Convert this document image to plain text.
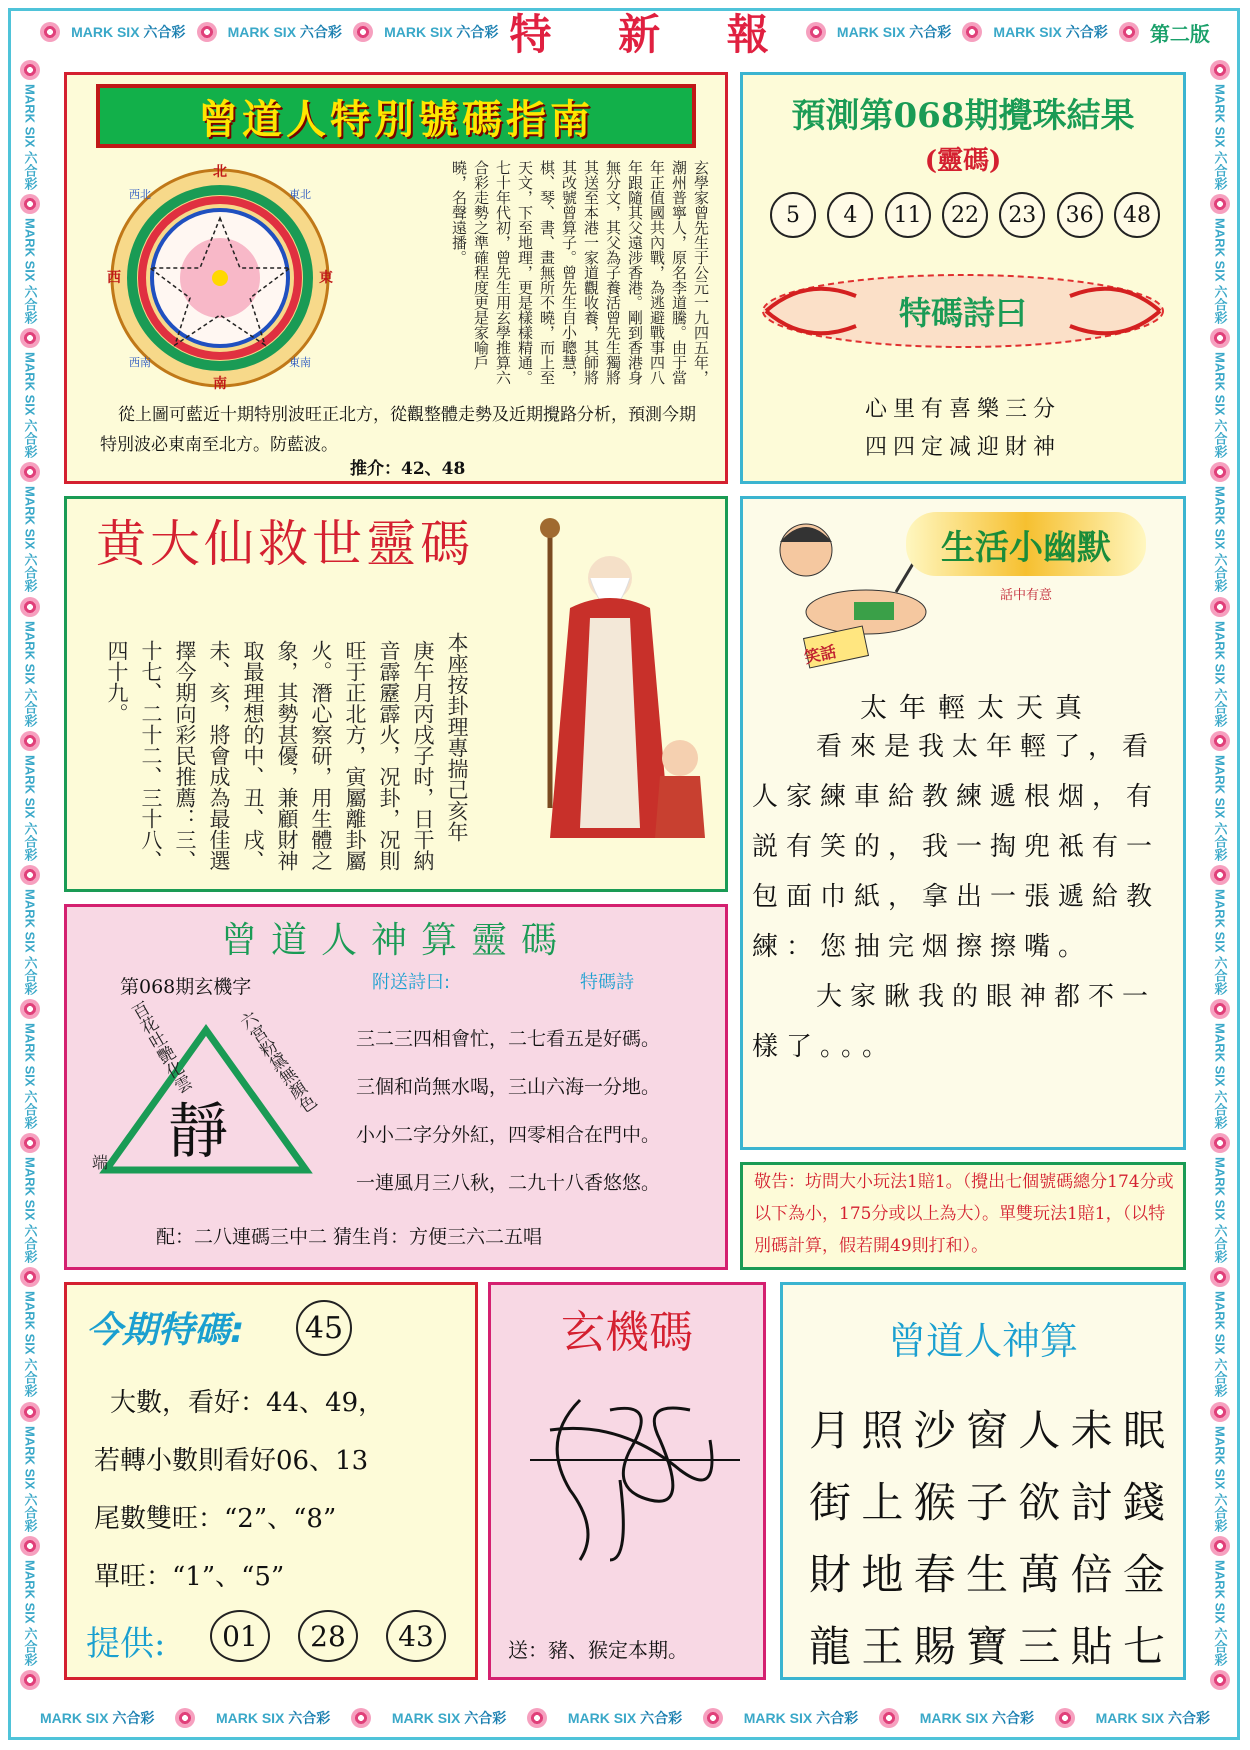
MARK SIX 六合彩	MARK SIX 六合彩	MARK SIX 六合彩 特 新 報	MARK SIX 六合彩	MARK SIX 六合彩 第二版
MARK SIX 六合彩
MARK SIX 六合彩
MARK SIX 六合彩
MARK SIX 六合彩
MARK SIX 六合彩
MARK SIX 六合彩
MARK SIX 六合彩
MARK SIX 六合彩
MARK SIX 六合彩
MARK SIX 六合彩
MARK SIX 六合彩
MARK SIX 六合彩
MARK SIX 六合彩
MARK SIX 六合彩
MARK SIX 六合彩
MARK SIX 六合彩
MARK SIX 六合彩
MARK SIX 六合彩
MARK SIX 六合彩
MARK SIX 六合彩
MARK SIX 六合彩
MARK SIX 六合彩
MARK SIX 六合彩
MARK SIX 六合彩
MARK SIX 六合彩	MARK SIX 六合彩	MARK SIX 六合彩	MARK SIX 六合彩	MARK SIX 六合彩	MARK SIX 六合彩	MARK SIX 六合彩
曾道人特別號碼指南
北
南
東
西
東北
西北
東南
西南	玄學家曾先生于公元一九四五年，潮州普寧人，原名李道騰。由于當年正值國共內戰，為逃避戰事四八年跟隨其父遠涉香港。剛到香港身無分文，其父為子養活曾先生獨將其送至本港一家道觀收養，其師將其改號曾算子。曾先生自小聰慧，棋、琴、書、畫無所不曉，而上至天文，下至地理，更是樣樣精通。七十年代初，曾先生用玄學推算六合彩走勢之準確程度更是家喻戶曉，名聲遠播。
從上圖可藍近十期特別波旺正北方，從觀整體走勢及近期攪路分析，預測今期特別波必東南至北方。防藍波。
推介：42、48
預測第068期攪珠結果
(靈碼)
5	4	11	22	23	36	48
特碼詩曰
心里有喜樂三分
四四定减迎財神
黄大仙救世靈碼
本座按卦理專揣己亥年
庚午月丙戌子时，日干納音霹靂霹火，况卦，况則旺于正北方，寅屬離卦屬火。潛心察研，用生體之象，其勢甚優，兼顧財神取最理想的中、丑、戌、未、亥，將會成為最佳選擇今期向彩民推薦：三、十七、二十二、三十八、四十九。	笑話
生活小幽默
話中有意
太年輕太天真

看來是我太年輕了，看人家練車給教練遞根烟，有説有笑的，我一掏兜袛有一包面巾紙，拿出一張遞給教練：您抽完烟擦擦嘴。

大家瞅我的眼神都不一樣了。。。

曾道人神算靈碼
第068期玄機字	附送詩曰:	特碼詩
百花吐艷化雲	六宮粉黛無顏色
端 靜
三二三四相會忙，二七看五是好碼。
三個和尚無水喝，三山六海一分地。
小小二字分外紅，四零相合在門中。
一連風月三八秋，二九十八香悠悠。
配：二八連碼三中二 猜生肖：方便三六二五唱
敬告：坊問大小玩法1賠1。（攪出七個號碼總分174分或以下為小，175分或以上為大）。單雙玩法1賠1，（以特別碼計算，假若開49則打和）。
今期特碼: 45
大數，看好：44、49，
若轉小數則看好06、13
尾數雙旺：“2”、“8”
單旺：“1”、“5”
提供:	01	28	43
玄機碼
送：豬、猴定本期。
曾道人神算
月 照 沙 窗 人 未 眠
街 上 猴 子 欲 討 錢
財 地 春 生 萬 倍 金
龍 王 賜 寶 三 貼 七
